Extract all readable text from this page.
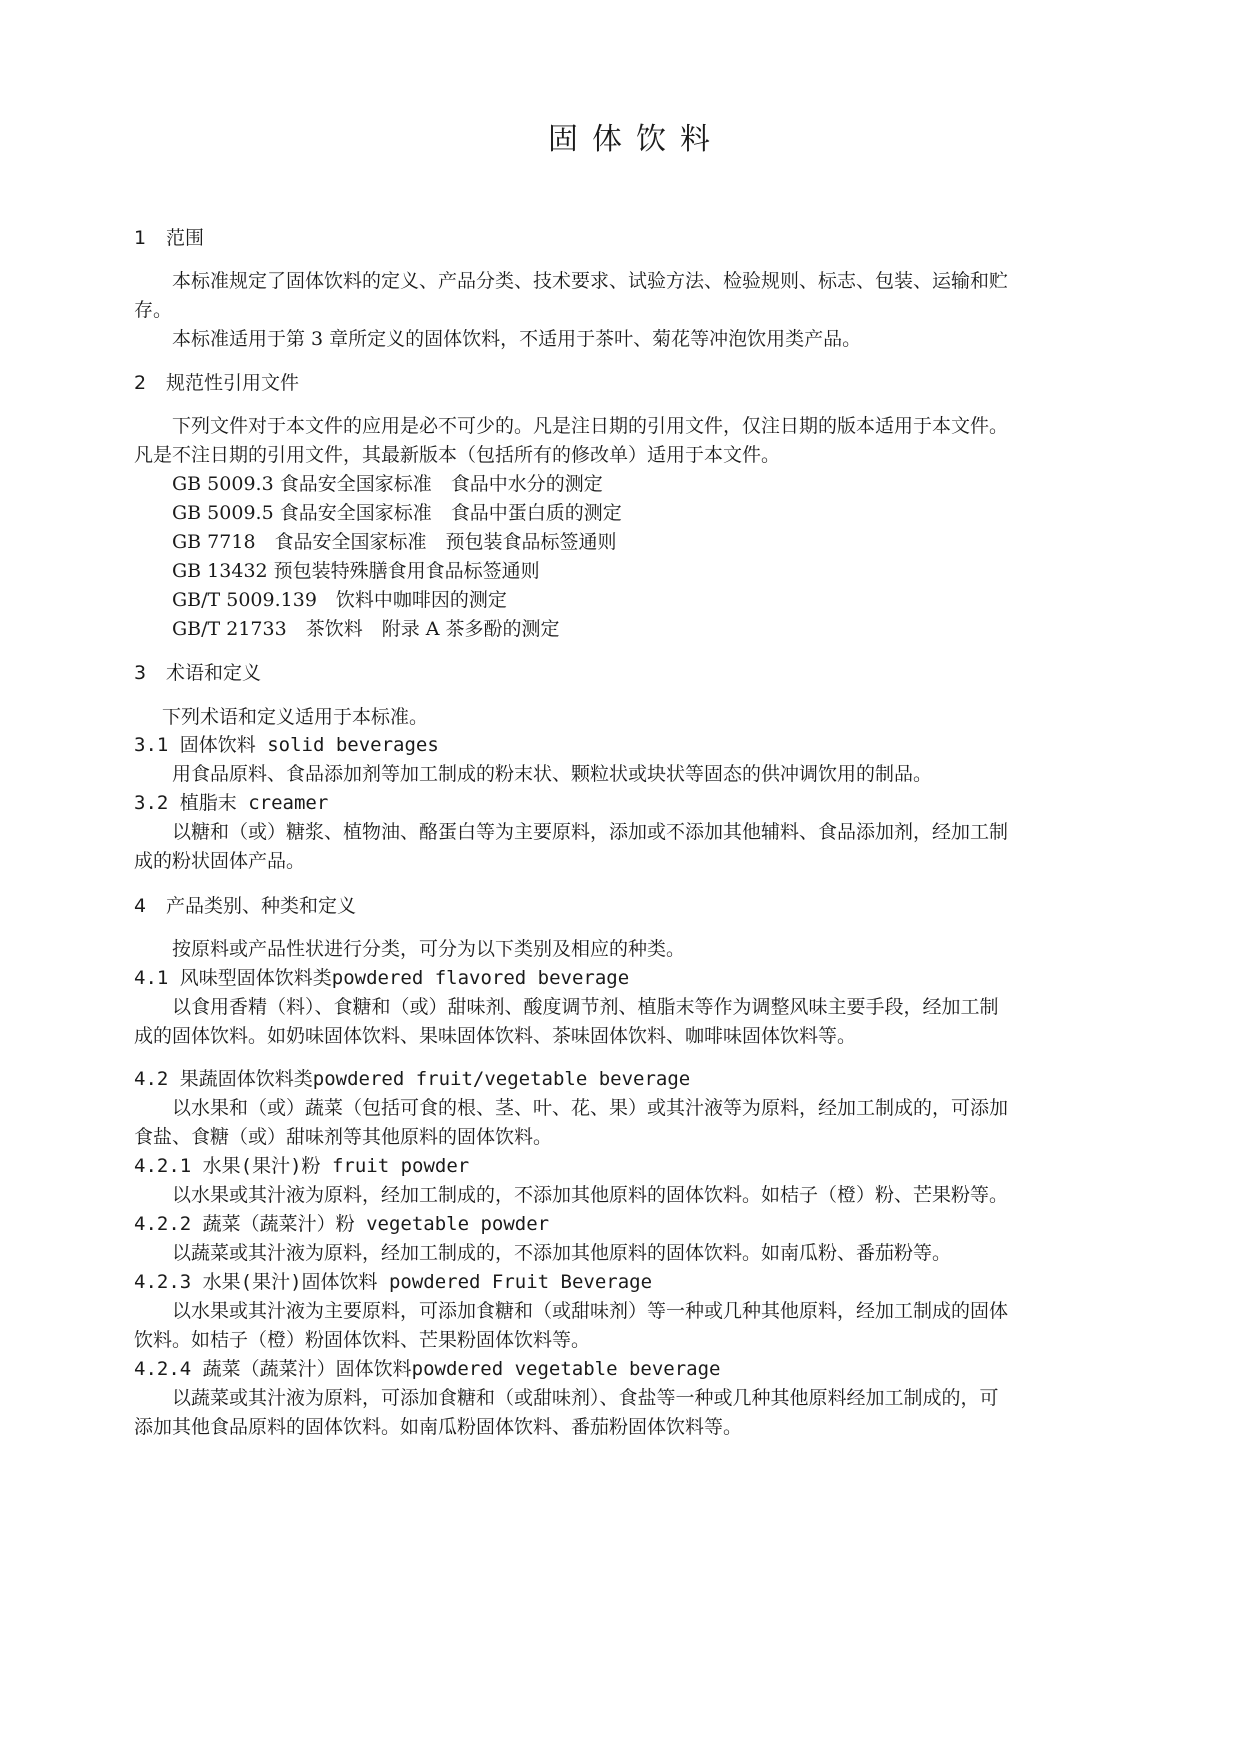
固体饮料
1 范围
本标准规定了固体饮料的定义、产品分类、技术要求、试验方法、检验规则、标志、包装、运输和贮
存。
本标准适用于第 3 章所定义的固体饮料，不适用于茶叶、菊花等冲泡饮用类产品。
2 规范性引用文件
下列文件对于本文件的应用是必不可少的。凡是注日期的引用文件，仅注日期的版本适用于本文件。
凡是不注日期的引用文件，其最新版本（包括所有的修改单）适用于本文件。
GB 5009.3 食品安全国家标准　食品中水分的测定
GB 5009.5 食品安全国家标准　食品中蛋白质的测定
GB 7718　食品安全国家标准　预包装食品标签通则
GB 13432 预包装特殊膳食用食品标签通则
GB/T 5009.139　饮料中咖啡因的测定
GB/T 21733　茶饮料　附录 A 茶多酚的测定
3 术语和定义
下列术语和定义适用于本标准。
3.1 固体饮料 solid beverages
用食品原料、食品添加剂等加工制成的粉末状、颗粒状或块状等固态的供冲调饮用的制品。
3.2 植脂末 creamer
以糖和（或）糖浆、植物油、酪蛋白等为主要原料，添加或不添加其他辅料、食品添加剂，经加工制
成的粉状固体产品。
4 产品类别、种类和定义
按原料或产品性状进行分类，可分为以下类别及相应的种类。
4.1 风味型固体饮料类powdered flavored beverage
以食用香精（料）、食糖和（或）甜味剂、酸度调节剂、植脂末等作为调整风味主要手段，经加工制
成的固体饮料。如奶味固体饮料、果味固体饮料、茶味固体饮料、咖啡味固体饮料等。
4.2 果蔬固体饮料类powdered fruit/vegetable beverage
以水果和（或）蔬菜（包括可食的根、茎、叶、花、果）或其汁液等为原料，经加工制成的，可添加
食盐、食糖（或）甜味剂等其他原料的固体饮料。
4.2.1 水果(果汁)粉 fruit powder
以水果或其汁液为原料，经加工制成的，不添加其他原料的固体饮料。如桔子（橙）粉、芒果粉等。
4.2.2 蔬菜（蔬菜汁）粉 vegetable powder
以蔬菜或其汁液为原料，经加工制成的，不添加其他原料的固体饮料。如南瓜粉、番茄粉等。
4.2.3 水果(果汁)固体饮料 powdered Fruit Beverage
以水果或其汁液为主要原料，可添加食糖和（或甜味剂）等一种或几种其他原料，经加工制成的固体
饮料。如桔子（橙）粉固体饮料、芒果粉固体饮料等。
4.2.4 蔬菜（蔬菜汁）固体饮料powdered vegetable beverage
以蔬菜或其汁液为原料，可添加食糖和（或甜味剂）、食盐等一种或几种其他原料经加工制成的，可
添加其他食品原料的固体饮料。如南瓜粉固体饮料、番茄粉固体饮料等。
